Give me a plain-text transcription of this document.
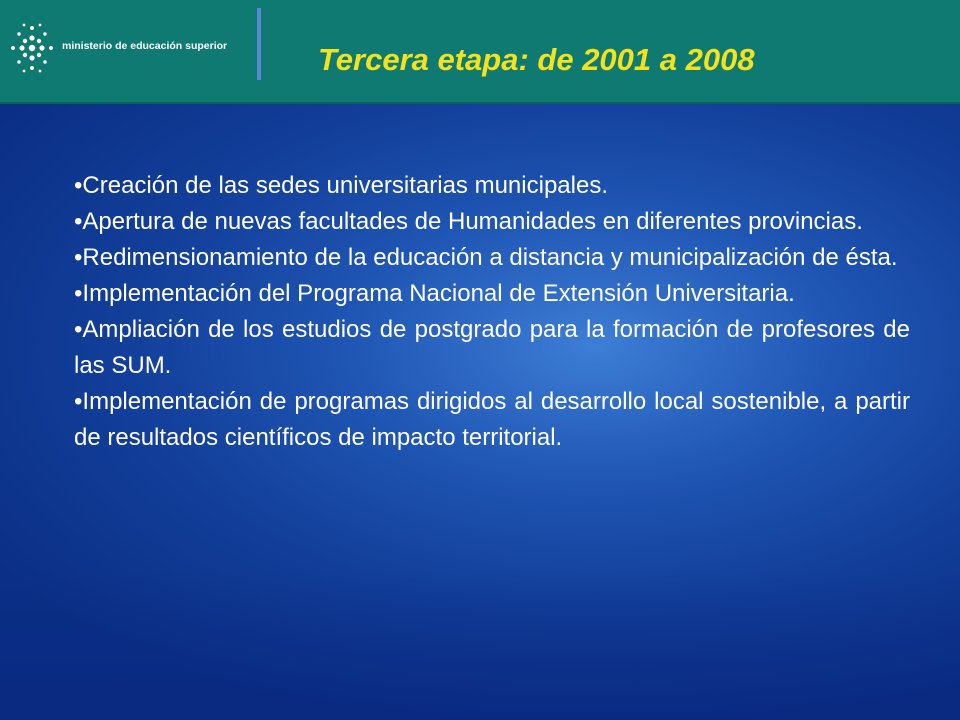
ministerio de educación superior	Tercera etapa: de 2001 a 2008
•Creación de las sedes universitarias municipales.
•Apertura de nuevas facultades de Humanidades en diferentes provincias.
•Redimensionamiento de la educación a distancia y municipalización de ésta.
•Implementación del Programa Nacional de Extensión Universitaria.
•Ampliación de los estudios de postgrado para la formación de profesores de las SUM.
•Implementación de programas dirigidos al desarrollo local sostenible, a partir de resultados científicos de impacto territorial.
